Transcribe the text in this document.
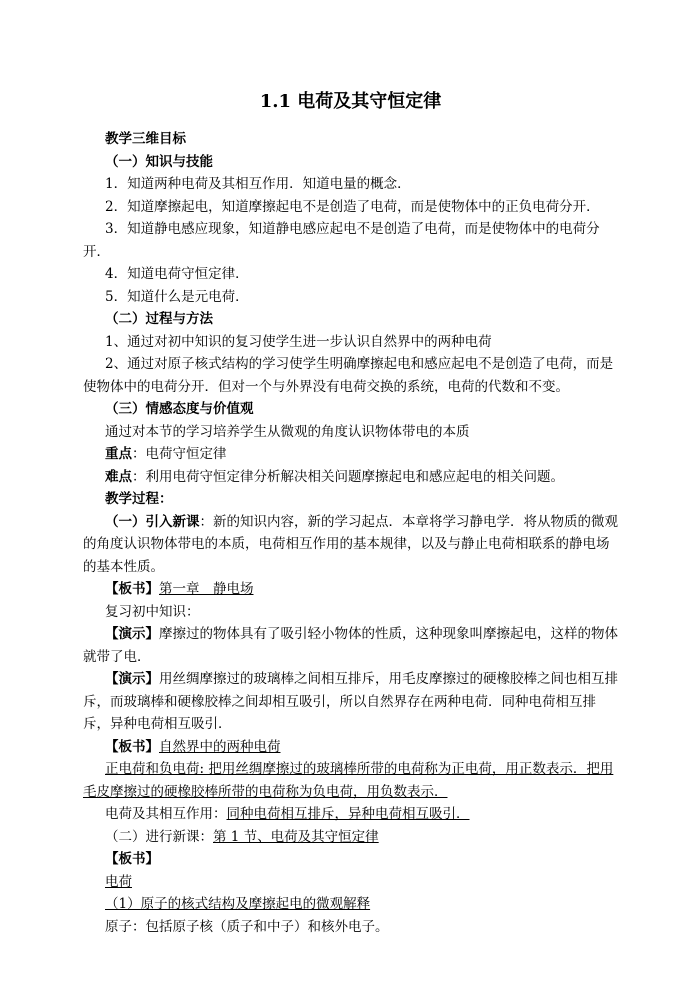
1.1 电荷及其守恒定律

教学三维目标

（一）知识与技能

1．知道两种电荷及其相互作用．知道电量的概念．

2．知道摩擦起电，知道摩擦起电不是创造了电荷，而是使物体中的正负电荷分开．

3．知道静电感应现象，知道静电感应起电不是创造了电荷，而是使物体中的电荷分开．

4．知道电荷守恒定律．

5．知道什么是元电荷．

（二）过程与方法

1、通过对初中知识的复习使学生进一步认识自然界中的两种电荷

2、通过对原子核式结构的学习使学生明确摩擦起电和感应起电不是创造了电荷，而是使物体中的电荷分开．但对一个与外界没有电荷交换的系统，电荷的代数和不变。

（三）情感态度与价值观

通过对本节的学习培养学生从微观的角度认识物体带电的本质

重点：电荷守恒定律

难点：利用电荷守恒定律分析解决相关问题摩擦起电和感应起电的相关问题。

教学过程：

（一）引入新课：新的知识内容，新的学习起点．本章将学习静电学．将从物质的微观的角度认识物体带电的本质，电荷相互作用的基本规律，以及与静止电荷相联系的静电场的基本性质。

【板书】第一章　静电场

复习初中知识：

【演示】摩擦过的物体具有了吸引轻小物体的性质，这种现象叫摩擦起电，这样的物体就带了电．

【演示】用丝绸摩擦过的玻璃棒之间相互排斥，用毛皮摩擦过的硬橡胶棒之间也相互排斥，而玻璃棒和硬橡胶棒之间却相互吸引，所以自然界存在两种电荷．同种电荷相互排斥，异种电荷相互吸引．

【板书】自然界中的两种电荷

正电荷和负电荷: 把用丝绸摩擦过的玻璃棒所带的电荷称为正电荷，用正数表示．把用毛皮摩擦过的硬橡胶棒所带的电荷称为负电荷，用负数表示．

电荷及其相互作用：同种电荷相互排斥，异种电荷相互吸引．

（二）进行新课：第 1 节、电荷及其守恒定律

【板书】

电荷

（1）原子的核式结构及摩擦起电的微观解释

原子：包括原子核（质子和中子）和核外电子。
